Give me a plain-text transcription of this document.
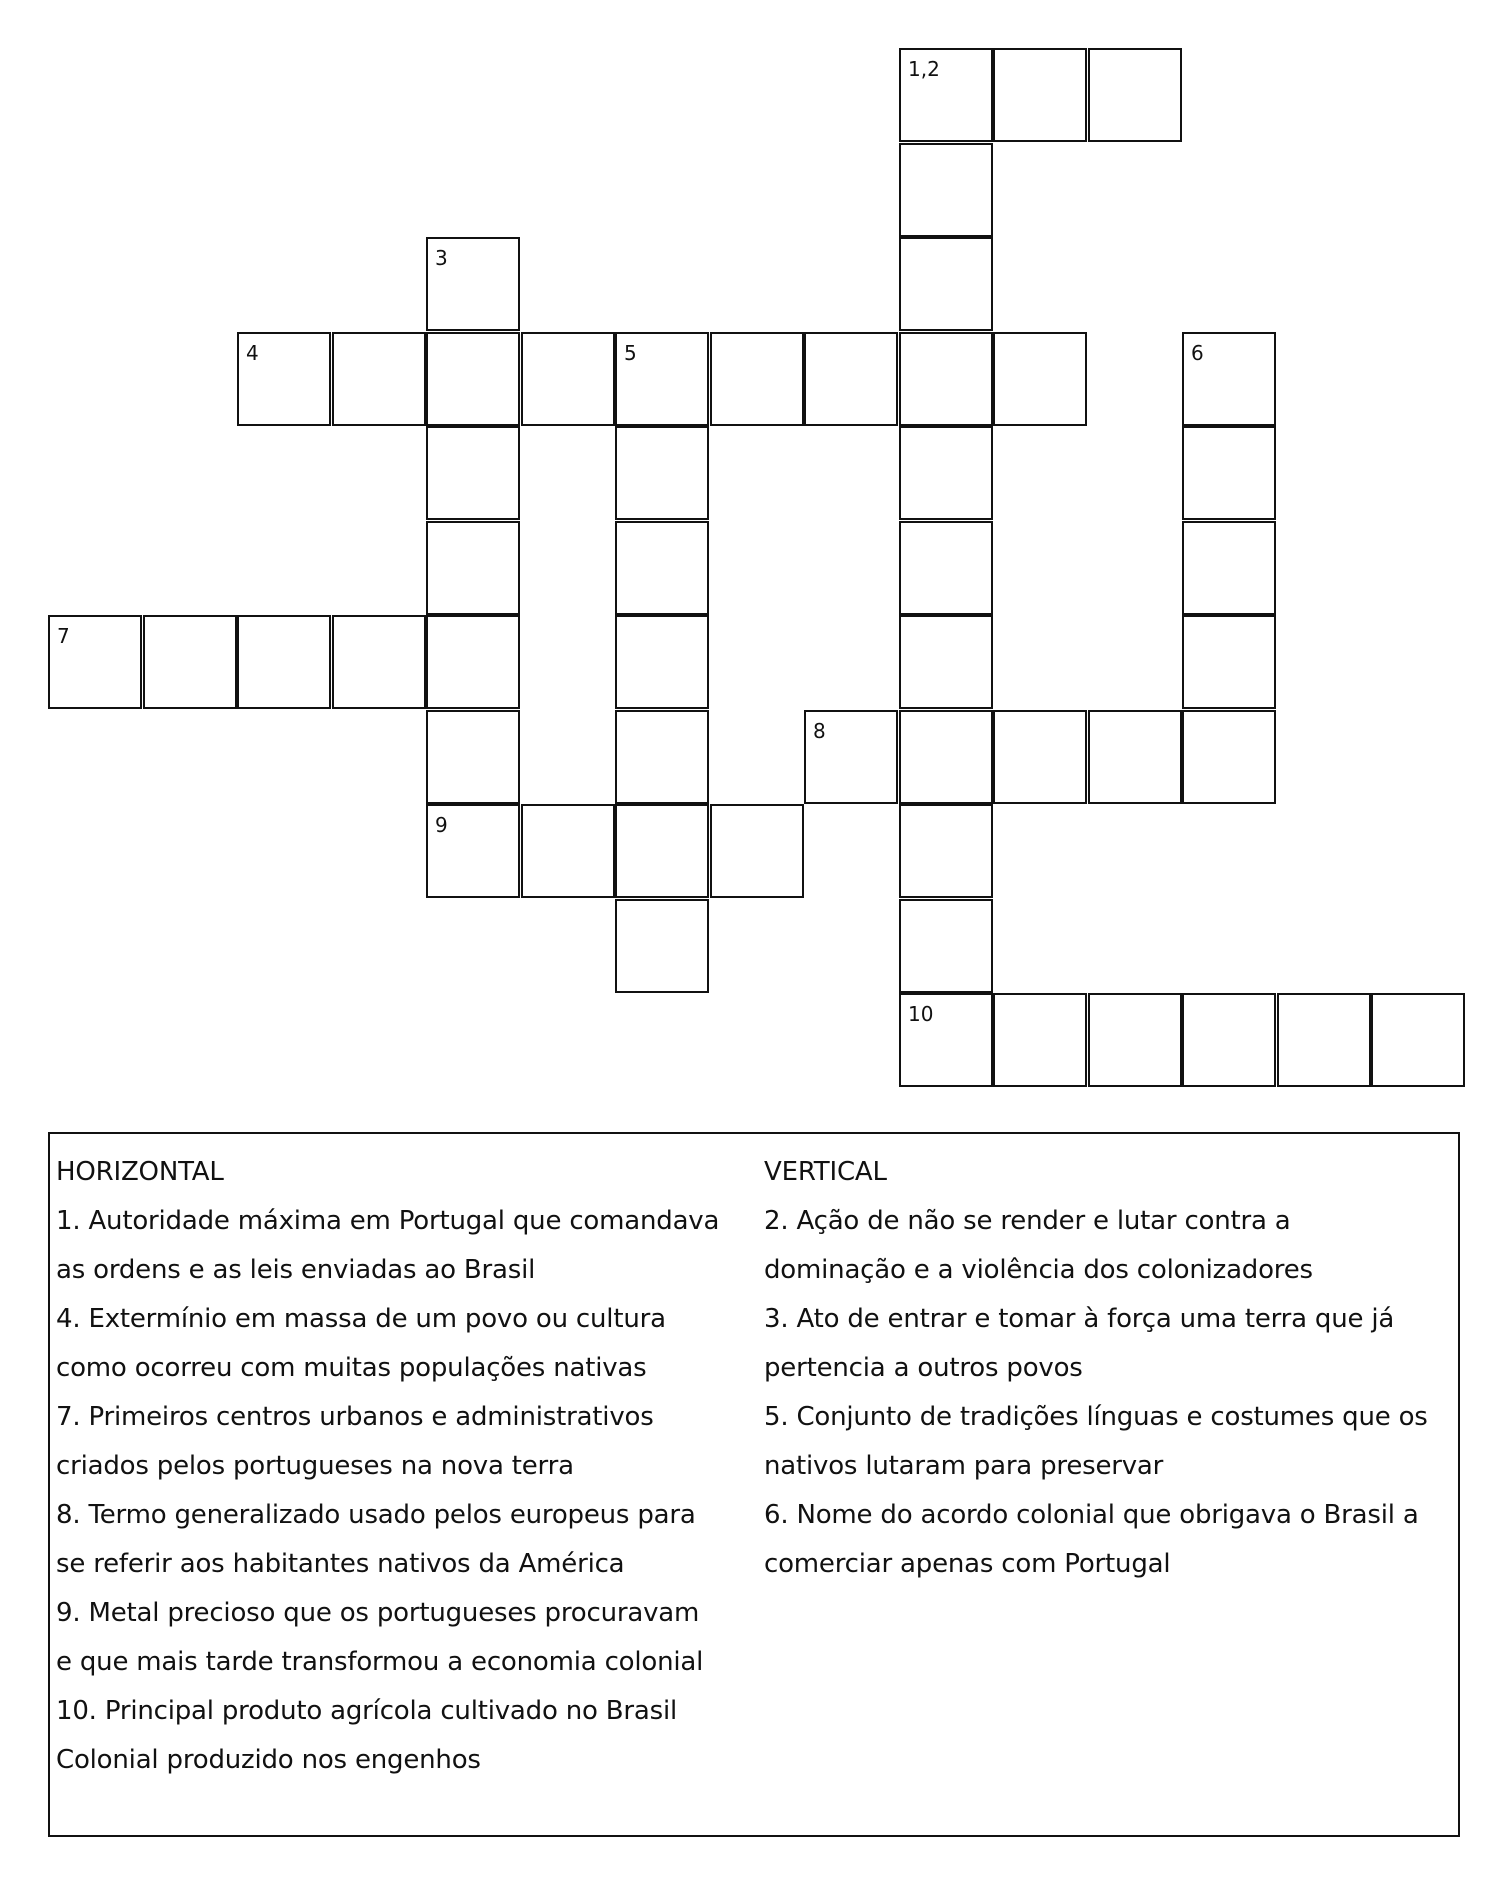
1,2
3
4	5	6
7
8
9
10
HORIZONTAL
1. Autoridade máxima em Portugal que comandava
as ordens e as leis enviadas ao Brasil
4. Extermínio em massa de um povo ou cultura
como ocorreu com muitas populações nativas
7. Primeiros centros urbanos e administrativos
criados pelos portugueses na nova terra
8. Termo generalizado usado pelos europeus para
se referir aos habitantes nativos da América
9. Metal precioso que os portugueses procuravam
e que mais tarde transformou a economia colonial
10. Principal produto agrícola cultivado no Brasil
Colonial produzido nos engenhos
VERTICAL
2. Ação de não se render e lutar contra a
dominação e a violência dos colonizadores
3. Ato de entrar e tomar à força uma terra que já
pertencia a outros povos
5. Conjunto de tradições línguas e costumes que os
nativos lutaram para preservar
6. Nome do acordo colonial que obrigava o Brasil a
comerciar apenas com Portugal
